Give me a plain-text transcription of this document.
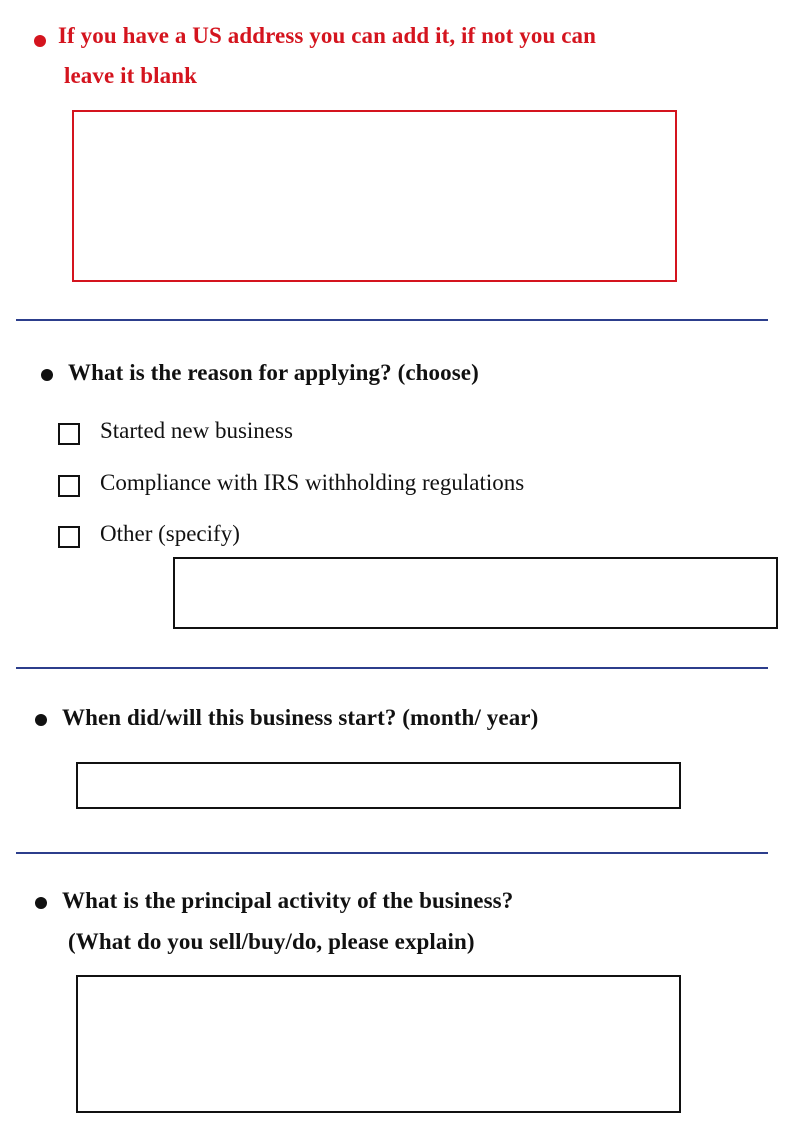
If you have a US address you can add it, if not you can
leave it blank
What is the reason for applying? (choose)
Started new business
Compliance with IRS withholding regulations
Other (specify)
When did/will this business start? (month/ year)
What is the principal activity of the business?
(What do you sell/buy/do, please explain)
